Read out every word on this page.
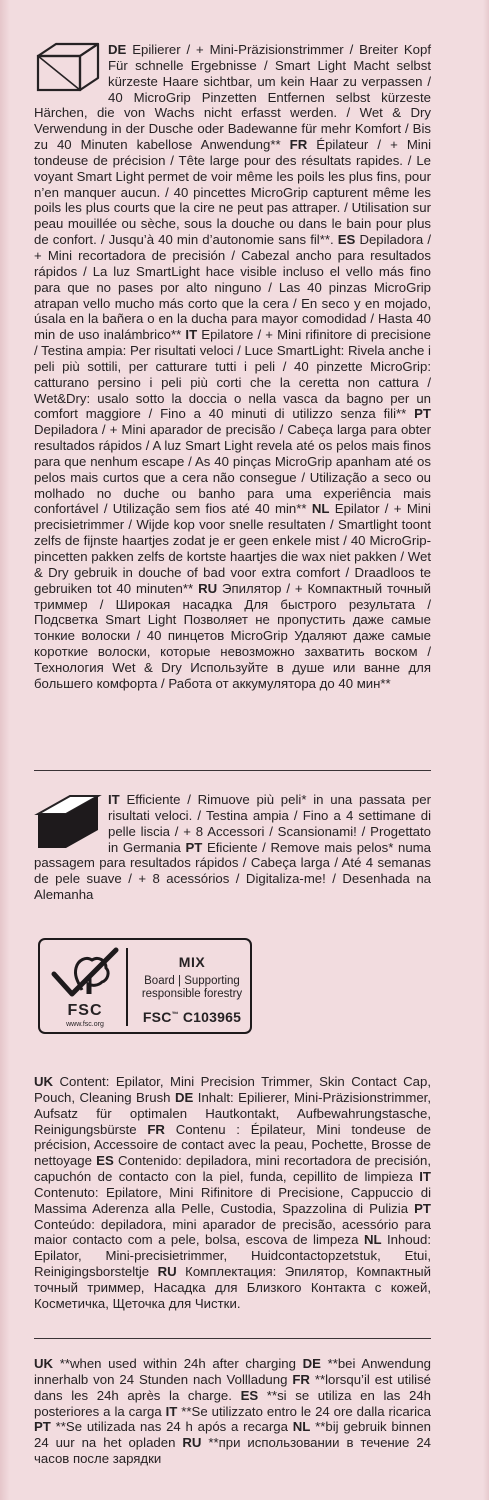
DE Epilierer / + Mini-Präzisionstrimmer / Breiter Kopf Für schnelle Ergebnisse / Smart Light Macht selbst kürzeste Haare sichtbar, um kein Haar zu verpassen / 40 MicroGrip Pinzetten Entfernen selbst kürzeste Härchen, die von Wachs nicht erfasst werden. / Wet & Dry Verwendung in der Dusche oder Badewanne für mehr Komfort / Bis zu 40 Minuten kabellose Anwendung** FR Épilateur / + Mini tondeuse de précision / Tête large pour des résultats rapides. / Le voyant Smart Light permet de voir même les poils les plus fins, pour n’en manquer aucun. / 40 pincettes MicroGrip capturent même les poils les plus courts que la cire ne peut pas attraper. / Utilisation sur peau mouillée ou sèche, sous la douche ou dans le bain pour plus de confort. / Jusqu’à 40 min d’autonomie sans fil**. ES Depiladora / + Mini recortadora de precisión / Cabezal ancho para resultados rápidos / La luz SmartLight hace visible incluso el vello más fino para que no pases por alto ninguno / Las 40 pinzas MicroGrip atrapan vello mucho más corto que la cera / En seco y en mojado, úsala en la bañera o en la ducha para mayor comodidad / Hasta 40 min de uso inalámbrico** IT Epilatore / + Mini rifinitore di precisione / Testina ampia: Per risultati veloci / Luce SmartLight: Rivela anche i peli più sottili, per catturare tutti i peli / 40 pinzette MicroGrip: catturano persino i peli più corti che la ceretta non cattura / Wet&Dry: usalo sotto la doccia o nella vasca da bagno per un comfort maggiore / Fino a 40 minuti di utilizzo senza fili** PT Depiladora / + Mini aparador de precisão / Cabeça larga para obter resultados rápidos / A luz Smart Light revela até os pelos mais finos para que nenhum escape / As 40 pinças MicroGrip apanham até os pelos mais curtos que a cera não consegue / Utilização a seco ou molhado no duche ou banho para uma experiência mais confortável / Utilização sem fios até 40 min** NL Epilator / + Mini precisietrimmer / Wijde kop voor snelle resultaten / Smartlight toont zelfs de fijnste haartjes zodat je er geen enkele mist / 40 MicroGrip-pincetten pakken zelfs de kortste haartjes die wax niet pakken / Wet & Dry gebruik in douche of bad voor extra comfort / Draadloos te gebruiken tot 40 minuten** RU Эпилятор / + Компактный точный триммер / Широкая насадка Для быстрого результата / Подсветка Smart Light Позволяет не пропустить даже самые тонкие волоски / 40 пинцетов MicroGrip Удаляют даже самые короткие волоски, которые невозможно захватить воском / Технология Wet & Dry Используйте в душе или ванне для большего комфорта / Работа от аккумулятора до 40 мин**

IT Efficiente / Rimuove più peli* in una passata per risultati veloci. / Testina ampia / Fino a 4 settimane di pelle liscia / + 8 Accessori / Scansionami! / Progettato in Germania PT Eficiente / Remove mais pelos* numa passagem para resultados rápidos / Cabeça larga / Até 4 semanas de pele suave / + 8 acessórios / Digitaliza-me! / Desenhada na Alemanha

FSC
www.fsc.org
MIX
Board | Supporting responsible forestry
FSC™ C103965

UK Content: Epilator, Mini Precision Trimmer, Skin Contact Cap, Pouch, Cleaning Brush DE Inhalt: Epilierer, Mini-Präzisionstrimmer, Aufsatz für optimalen Hautkontakt, Aufbewahrungstasche, Reinigungsbürste FR Contenu : Épilateur, Mini tondeuse de précision, Accessoire de contact avec la peau, Pochette, Brosse de nettoyage ES Contenido: depiladora, mini recortadora de precisión, capuchón de contacto con la piel, funda, cepillito de limpieza IT Contenuto: Epilatore, Mini Rifinitore di Precisione, Cappuccio di Massima Aderenza alla Pelle, Custodia, Spazzolina di Pulizia PT Conteúdo: depiladora, mini aparador de precisão, acessório para maior contacto com a pele, bolsa, escova de limpeza NL Inhoud: Epilator, Mini-precisietrimmer, Huidcontactopzetstuk, Etui, Reinigingsborsteltje RU Комплектация: Эпилятор, Компактный точный триммер, Насадка для Близкого Контакта с кожей, Косметичка, Щеточка для Чистки.

UK **when used within 24h after charging DE **bei Anwendung innerhalb von 24 Stunden nach Vollladung FR **lorsqu’il est utilisé dans les 24h après la charge. ES **si se utiliza en las 24h posteriores a la carga IT **Se utilizzato entro le 24 ore dalla ricarica PT **Se utilizada nas 24 h após a recarga NL **bij gebruik binnen 24 uur na het opladen RU **при использовании в течение 24 часов после зарядки
